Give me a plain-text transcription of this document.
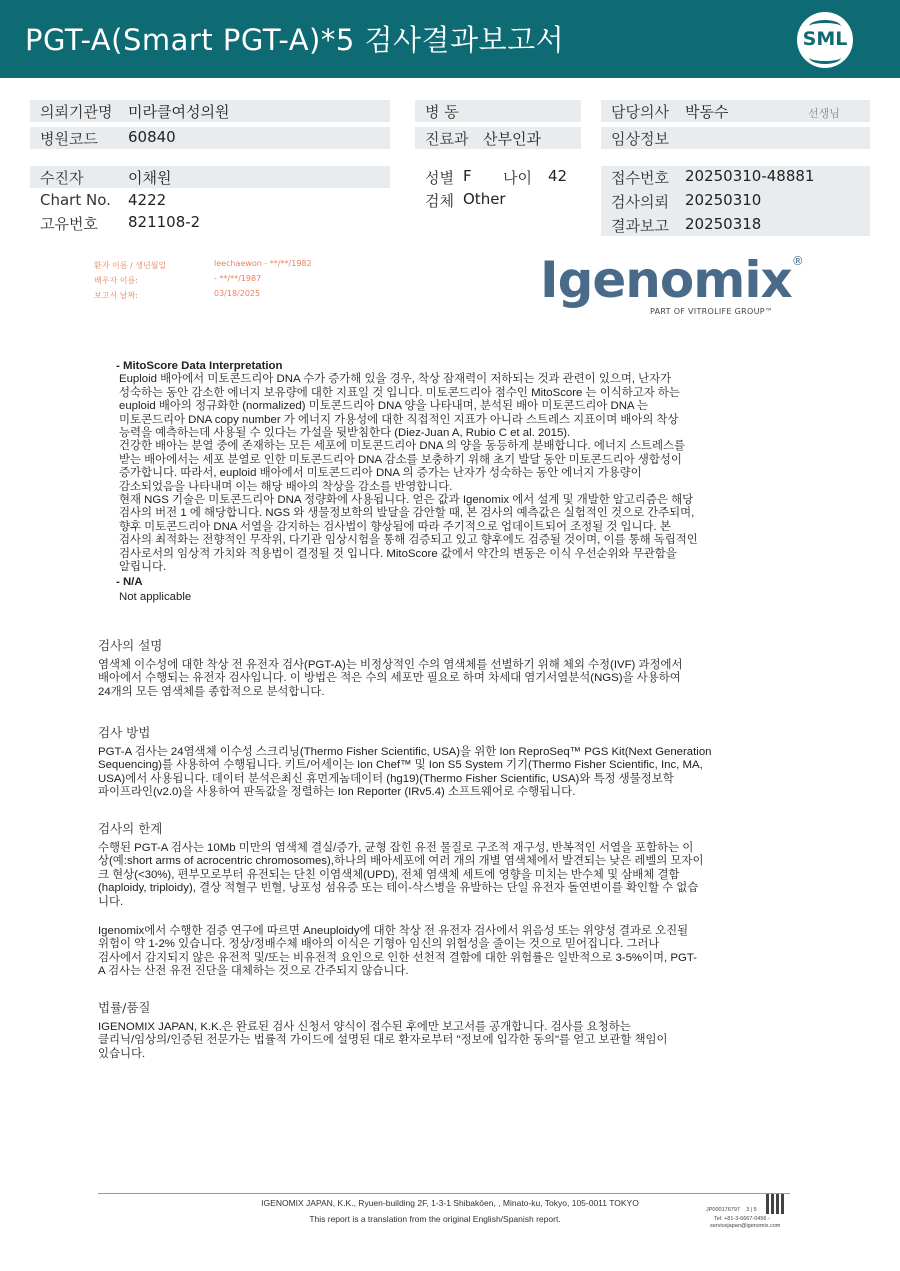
PGT-A(Smart PGT-A)*5 검사결과보고서	SML
의뢰기관명 미라클여성의원
병원코드 60840
병 동
진료과 산부인과
담당의사 박동수	선생님
임상정보
수진자	이채원
Chart No. 4222
고유번호 821108-2
성별 F 나이 42
검체 Other
접수번호 20250310-48881
검사의뢰 20250310
결과보고 20250318
환자 이름 / 생년월일	leechaewon - **/**/1982
배우자 이름:	- **/**/1987
보고서 날짜:	03/18/2025	Igenomix®
PART OF VITROLIFE GROUP™

- MitoScore Data Interpretation

Euploid 배아에서 미토콘드리아 DNA 수가 증가해 있을 경우, 착상 잠재력이 저하되는 것과 관련이 있으며, 난자가

성숙하는 동안 감소한 에너지 보유량에 대한 지표일 것 입니다. 미토콘드리아 점수인 MitoScore 는 이식하고자 하는

euploid 배아의 정규화한 (normalized) 미토콘드리아 DNA 양을 나타내며, 분석된 배아 미토콘드리아 DNA 는

미토콘드리아 DNA copy number 가 에너지 가용성에 대한 직접적인 지표가 아니라 스트레스 지표이며 배아의 착상

능력을 예측하는데 사용될 수 있다는 가설을 뒷받침한다 (Diez-Juan A, Rubio C et al. 2015).

건강한 배아는 분열 중에 존재하는 모든 세포에 미토콘드리아 DNA 의 양을 동등하게 분배합니다. 에너지 스트레스를

받는 배아에서는 세포 분열로 인한 미토콘드리아 DNA 감소를 보충하기 위해 초기 발달 동안 미토콘드리아 생합성이

증가합니다. 따라서, euploid 배아에서 미토콘드리아 DNA 의 증가는 난자가 성숙하는 동안 에너지 가용량이

감소되었음을 나타내며 이는 해당 배아의 착상을 감소를 반영합니다.

현재 NGS 기술은 미토콘드리아 DNA 정량화에 사용됩니다. 얻은 값과 Igenomix 에서 설계 및 개발한 알고리즘은 해당

검사의 버전 1 에 해당합니다. NGS 와 생물정보학의 발달을 감안할 때, 본 검사의 예측값은 실험적인 것으로 간주되며,

향후 미토콘드리아 DNA 서열을 감지하는 검사법이 향상됨에 따라 주기적으로 업데이트되어 조정될 것 입니다. 본

검사의 최적화는 전향적인 무작위, 다기관 임상시험을 통해 검증되고 있고 향후에도 검증될 것이며, 이를 통해 독립적인

검사로서의 임상적 가치와 적용법이 결정될 것 입니다. MitoScore 값에서 약간의 변동은 이식 우선순위와 무관함을

알립니다.

- N/A

Not applicable

검사의 설명

염색체 이수성에 대한 착상 전 유전자 검사(PGT-A)는 비정상적인 수의 염색체를 선별하기 위해 체외 수정(IVF) 과정에서

배아에서 수행되는 유전자 검사입니다. 이 방법은 적은 수의 세포만 필요로 하며 차세대 염기서열분석(NGS)을 사용하여

24개의 모든 염색체를 종합적으로 분석합니다.

검사 방법

PGT-A 검사는 24염색체 이수성 스크리닝(Thermo Fisher Scientific, USA)을 위한 Ion ReproSeq™ PGS Kit(Next Generation

Sequencing)를 사용하여 수행됩니다. 키트/어세이는 Ion Chef™ 및 Ion S5 System 기기(Thermo Fisher Scientific, Inc, MA,

USA)에서 사용됩니다. 데이터 분석은최신 휴먼게놈데이터 (hg19)(Thermo Fisher Scientific, USA)와 특정 생물정보학

파이프라인(v2.0)을 사용하여 판독값을 정렬하는 Ion Reporter (IRv5.4) 소프트웨어로 수행됩니다.

검사의 한계

수행된 PGT-A 검사는 10Mb 미만의 염색체 결실/증가, 균형 잡힌 유전 물질로 구조적 재구성, 반복적인 서열을 포함하는 이

상(예:short arms of acrocentric chromosomes),하나의 배아세포에 여러 개의 개별 염색체에서 발견되는 낮은 레벨의 모자이

크 현상(<30%), 편부모로부터 유전되는 단친 이염색체(UPD), 전체 염색체 세트에 영향을 미치는 반수체 및 삼배체 결함

(haploidy, triploidy), 결상 적혈구 빈혈, 낭포성 섬유증 또는 테이-삭스병을 유발하는 단일 유전자 돌연변이를 확인할 수 없습

니다.

Igenomix에서 수행한 검증 연구에 따르면 Aneuploidy에 대한 착상 전 유전자 검사에서 위음성 또는 위양성 결과로 오진될

위험이 약 1-2% 있습니다. 정상/정배수체 배아의 이식은 기형아 임신의 위험성을 줄이는 것으로 믿어집니다. 그러나

검사에서 감지되지 않은 유전적 및/또는 비유전적 요인으로 인한 선천적 결함에 대한 위험률은 일반적으로 3-5%이며, PGT-

A 검사는 산전 유전 진단을 대체하는 것으로 간주되지 않습니다.

법률/품질

IGENOMIX JAPAN, K.K.은 완료된 검사 신청서 양식이 접수된 후에만 보고서를 공개합니다. 검사를 요청하는

클리닉/임상의/인증된 전문가는 법률적 가이드에 설명된 대로 환자로부터 "정보에 입각한 동의"를 얻고 보관할 책임이

있습니다.

IGENOMIX JAPAN, K.K., Ryuen-building 2F, 1-3-1 Shibakōen, , Minato-ku, Tokyo, 105-0011 TOKYO
This report is a translation from the original English/Spanish report.
JP000176797 3 | 5
Tel: +81-3-6667-0456 -
servicejapan@igenomix.com
